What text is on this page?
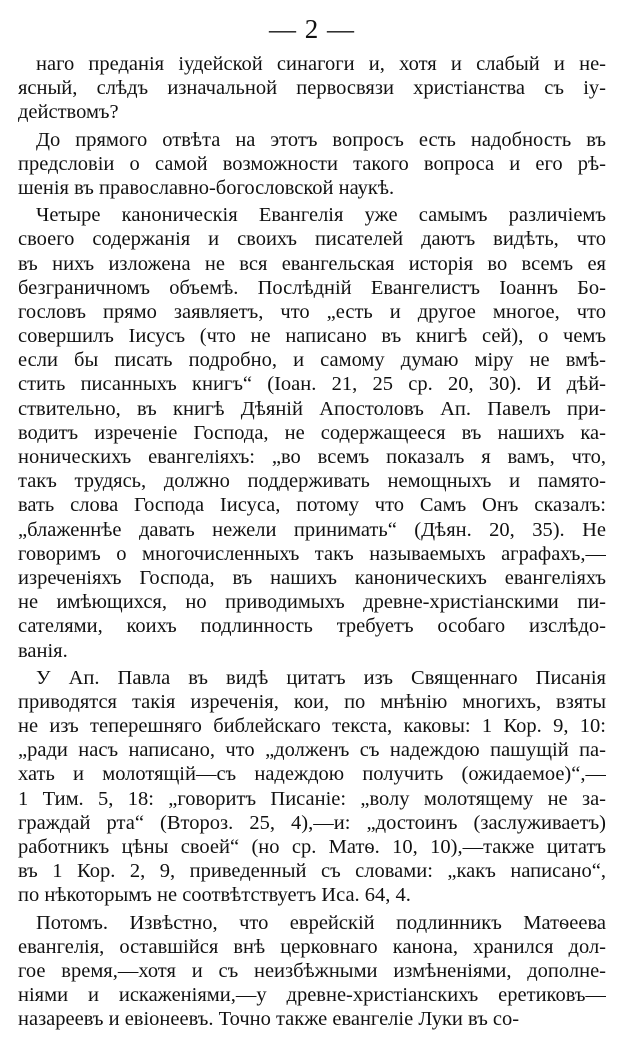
— 2 —
наго преданія іудейской синагоги и, хотя и слабый и не-
ясный, слѣдъ изначальной первосвязи христіанства съ іу-
действомъ?
До прямого отвѣта на этотъ вопросъ есть надобность въ
предсловіи о самой возможности такого вопроса и его рѣ-
шенія въ православно-богословской наукѣ.
Четыре каноническія Евангелія уже самымъ различіемъ
своего содержанія и своихъ писателей даютъ видѣть, что
въ нихъ изложена не вся евангельская исторія во всемъ ея
безграничномъ объемѣ. Послѣдній Евангелистъ Іоаннъ Бо-
гословъ прямо заявляетъ, что „есть и другое многое, что
совершилъ Іисусъ (что не написано въ книгѣ сей), о чемъ
если бы писать подробно, и самому думаю міру не вмѣ-
стить писанныхъ книгъ“ (Іоан. 21, 25 ср. 20, 30). И дѣй-
ствительно, въ книгѣ Дѣяній Апостоловъ Ап. Павелъ при-
водитъ изреченіе Господа, не содержащееся въ нашихъ ка-
ноническихъ евангеліяхъ: „во всемъ показалъ я вамъ, что,
такъ трудясь, должно поддерживать немощныхъ и памято-
вать слова Господа Іисуса, потому что Самъ Онъ сказалъ:
„блаженнѣе давать нежели принимать“ (Дѣян. 20, 35). Не
говоримъ о многочисленныхъ такъ называемыхъ аграфахъ,—
изреченіяхъ Господа, въ нашихъ каноническихъ евангеліяхъ
не имѣющихся, но приводимыхъ древне-христіанскими пи-
сателями, коихъ подлинность требуетъ особаго изслѣдо-
ванія.
У Ап. Павла въ видѣ цитатъ изъ Священнаго Писанія
приводятся такія изреченія, кои, по мнѣнію многихъ, взяты
не изъ теперешняго библейскаго текста, каковы: 1 Кор. 9, 10:
„ради насъ написано, что „долженъ съ надеждою пашущій па-
хать и молотящій—съ надеждою получить (ожидаемое)“,—
1 Тим. 5, 18: „говоритъ Писаніе: „волу молотящему не за-
граждай рта“ (Второз. 25, 4),—и: „достоинъ (заслуживаетъ)
работникъ цѣны своей“ (но ср. Матѳ. 10, 10),—также цитатъ
въ 1 Кор. 2, 9, приведенный съ словами: „какъ написано“,
по нѣкоторымъ не соотвѣтствуетъ Иса. 64, 4.
Потомъ. Извѣстно, что еврейскій подлинникъ Матѳеева
евангелія, оставшійся внѣ церковнаго канона, хранился дол-
гое время,—хотя и съ неизбѣжными измѣненіями, дополне-
ніями и искаженіями,—у древне-христіанскихъ еретиковъ—
назареевъ и евіонеевъ. Точно также евангеліе Луки въ со-
